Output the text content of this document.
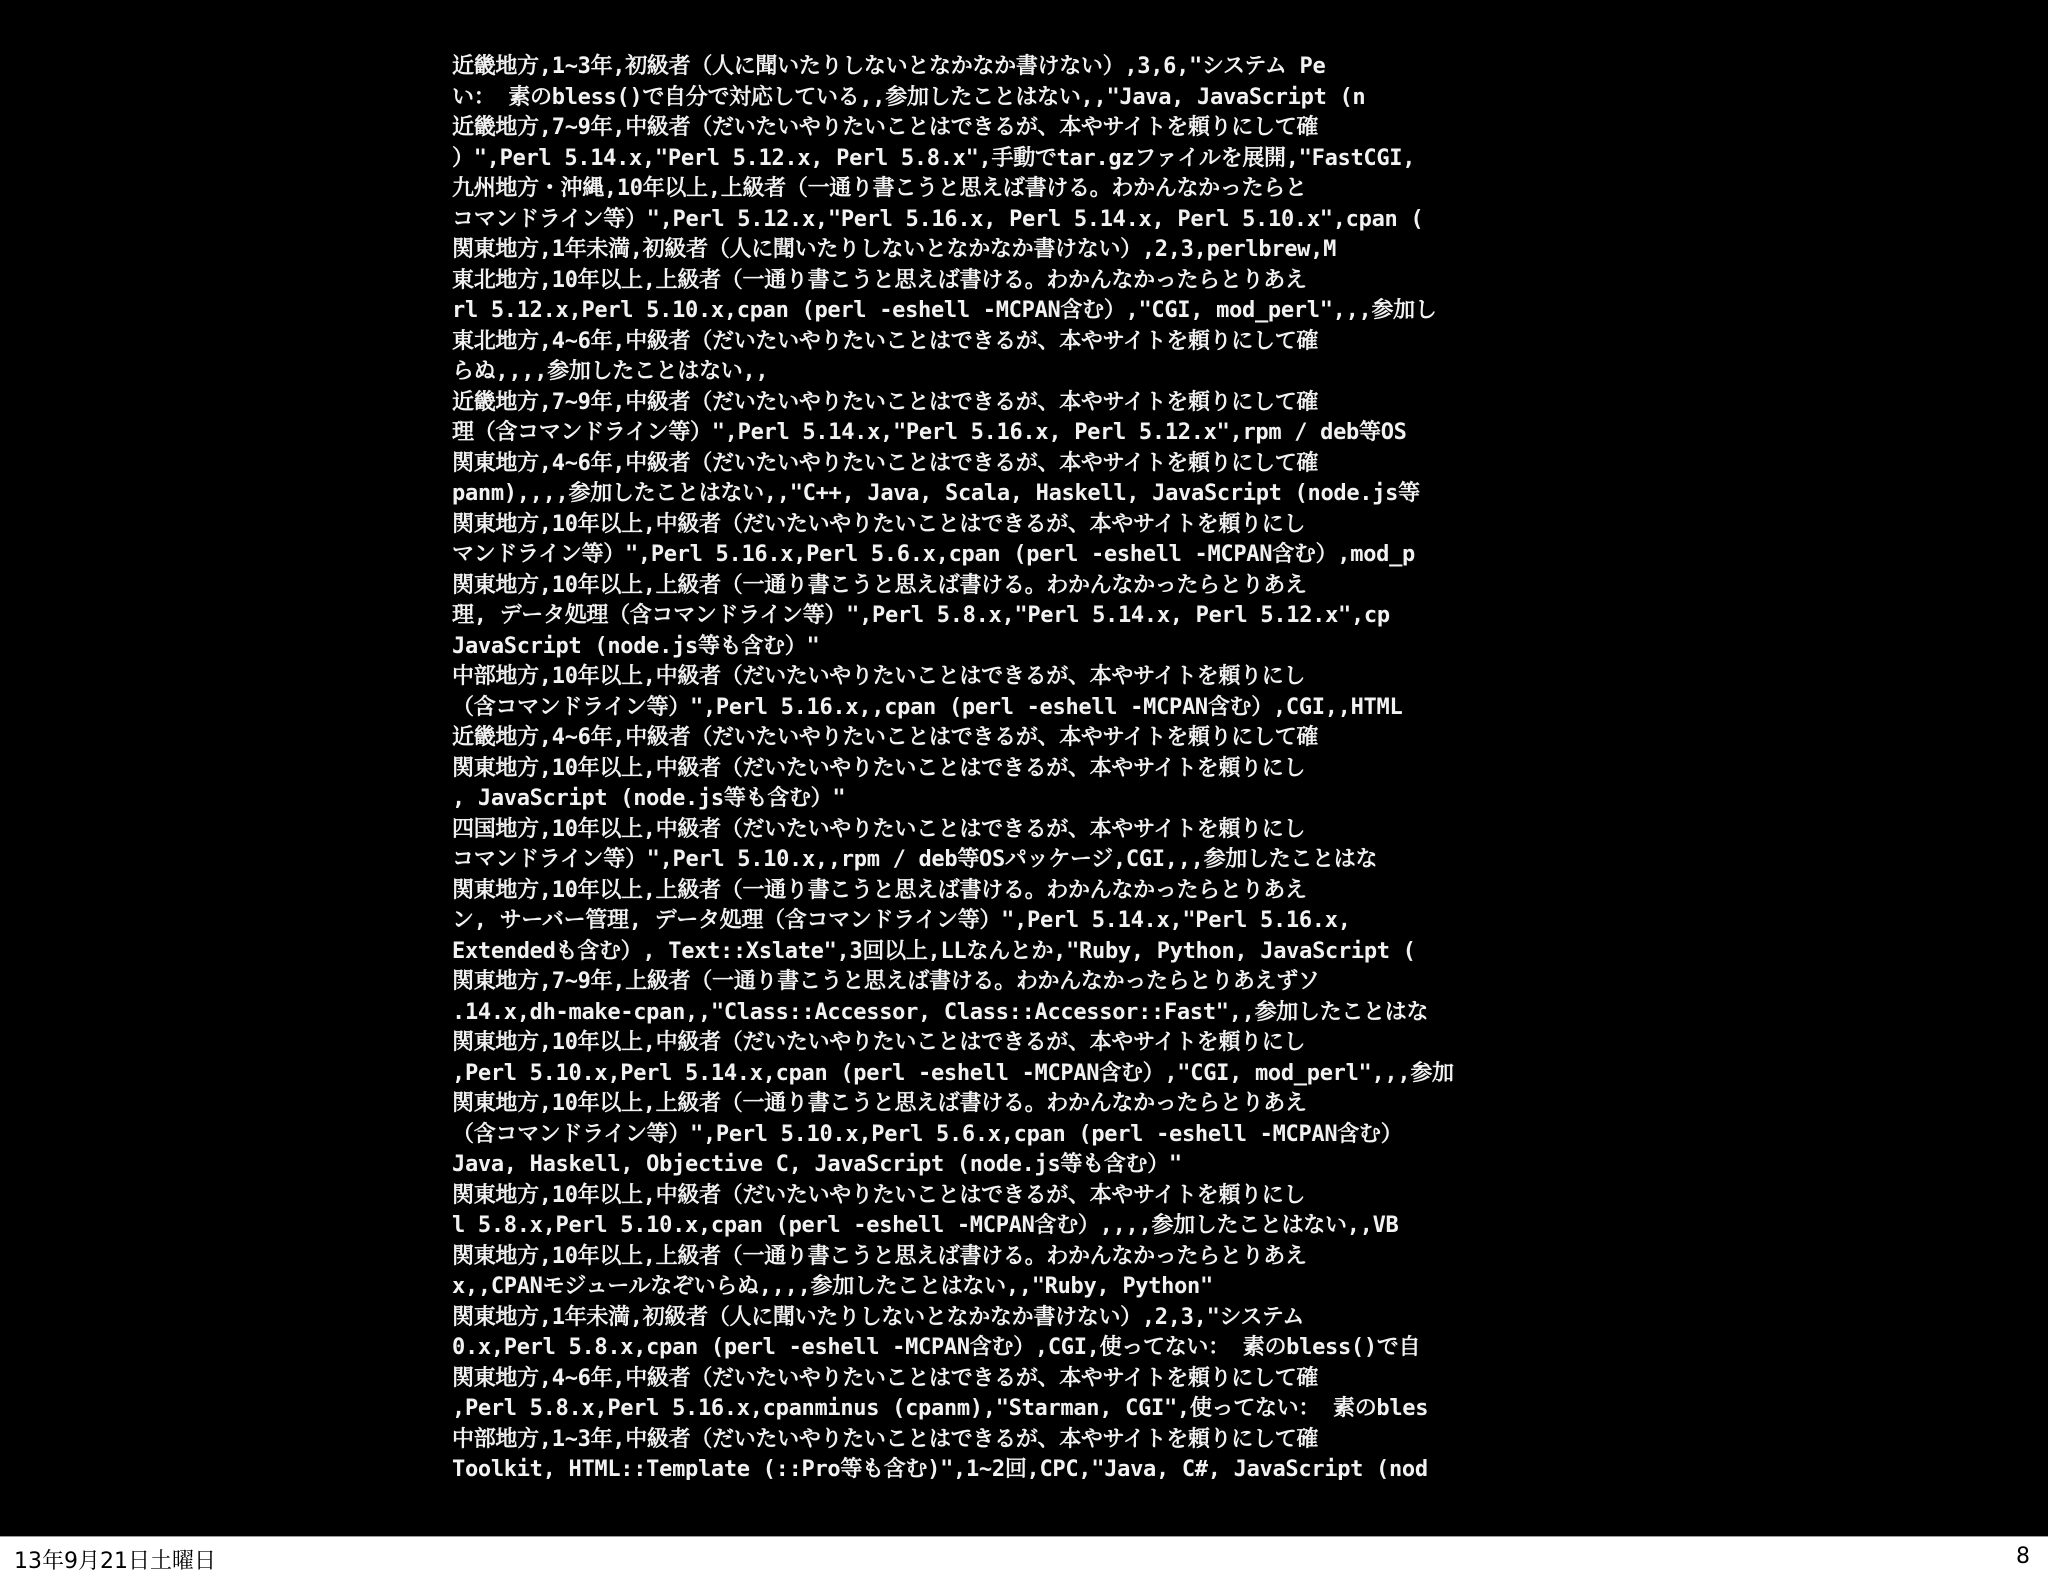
近畿地方,1~3年,初級者（人に聞いたりしないとなかなか書けない）,3,6,"システム Pe
い： 素のbless()で自分で対応している,,参加したことはない,,"Java, JavaScript (n
近畿地方,7~9年,中級者（だいたいやりたいことはできるが、本やサイトを頼りにして確
）",Perl 5.14.x,"Perl 5.12.x, Perl 5.8.x",手動でtar.gzファイルを展開,"FastCGI,
九州地方・沖縄,10年以上,上級者（一通り書こうと思えば書ける。わかんなかったらと
コマンドライン等）",Perl 5.12.x,"Perl 5.16.x, Perl 5.14.x, Perl 5.10.x",cpan (
関東地方,1年未満,初級者（人に聞いたりしないとなかなか書けない）,2,3,perlbrew,M
東北地方,10年以上,上級者（一通り書こうと思えば書ける。わかんなかったらとりあえ
rl 5.12.x,Perl 5.10.x,cpan (perl -eshell -MCPAN含む）,"CGI, mod_perl",,,参加し
東北地方,4~6年,中級者（だいたいやりたいことはできるが、本やサイトを頼りにして確
らぬ,,,,参加したことはない,,
近畿地方,7~9年,中級者（だいたいやりたいことはできるが、本やサイトを頼りにして確
理（含コマンドライン等）",Perl 5.14.x,"Perl 5.16.x, Perl 5.12.x",rpm / deb等OS
関東地方,4~6年,中級者（だいたいやりたいことはできるが、本やサイトを頼りにして確
panm),,,,参加したことはない,,"C++, Java, Scala, Haskell, JavaScript (node.js等
関東地方,10年以上,中級者（だいたいやりたいことはできるが、本やサイトを頼りにし
マンドライン等）",Perl 5.16.x,Perl 5.6.x,cpan (perl -eshell -MCPAN含む）,mod_p
関東地方,10年以上,上級者（一通り書こうと思えば書ける。わかんなかったらとりあえ
理, データ処理（含コマンドライン等）",Perl 5.8.x,"Perl 5.14.x, Perl 5.12.x",cp
JavaScript (node.js等も含む）"
中部地方,10年以上,中級者（だいたいやりたいことはできるが、本やサイトを頼りにし
（含コマンドライン等）",Perl 5.16.x,,cpan (perl -eshell -MCPAN含む）,CGI,,HTML
近畿地方,4~6年,中級者（だいたいやりたいことはできるが、本やサイトを頼りにして確
関東地方,10年以上,中級者（だいたいやりたいことはできるが、本やサイトを頼りにし
, JavaScript (node.js等も含む）"
四国地方,10年以上,中級者（だいたいやりたいことはできるが、本やサイトを頼りにし
コマンドライン等）",Perl 5.10.x,,rpm / deb等OSパッケージ,CGI,,,参加したことはな
関東地方,10年以上,上級者（一通り書こうと思えば書ける。わかんなかったらとりあえ
ン, サーバー管理, データ処理（含コマンドライン等）",Perl 5.14.x,"Perl 5.16.x,
Extendedも含む）, Text::Xslate",3回以上,LLなんとか,"Ruby, Python, JavaScript (
関東地方,7~9年,上級者（一通り書こうと思えば書ける。わかんなかったらとりあえずソ
.14.x,dh-make-cpan,,"Class::Accessor, Class::Accessor::Fast",,参加したことはな
関東地方,10年以上,中級者（だいたいやりたいことはできるが、本やサイトを頼りにし
,Perl 5.10.x,Perl 5.14.x,cpan (perl -eshell -MCPAN含む）,"CGI, mod_perl",,,参加
関東地方,10年以上,上級者（一通り書こうと思えば書ける。わかんなかったらとりあえ
（含コマンドライン等）",Perl 5.10.x,Perl 5.6.x,cpan (perl -eshell -MCPAN含む）
Java, Haskell, Objective C, JavaScript (node.js等も含む）"
関東地方,10年以上,中級者（だいたいやりたいことはできるが、本やサイトを頼りにし
l 5.8.x,Perl 5.10.x,cpan (perl -eshell -MCPAN含む）,,,,参加したことはない,,VB
関東地方,10年以上,上級者（一通り書こうと思えば書ける。わかんなかったらとりあえ
x,,CPANモジュールなぞいらぬ,,,,参加したことはない,,"Ruby, Python"
関東地方,1年未満,初級者（人に聞いたりしないとなかなか書けない）,2,3,"システム
0.x,Perl 5.8.x,cpan (perl -eshell -MCPAN含む）,CGI,使ってない： 素のbless()で自
関東地方,4~6年,中級者（だいたいやりたいことはできるが、本やサイトを頼りにして確
,Perl 5.8.x,Perl 5.16.x,cpanminus (cpanm),"Starman, CGI",使ってない： 素のbles
中部地方,1~3年,中級者（だいたいやりたいことはできるが、本やサイトを頼りにして確
Toolkit, HTML::Template (::Pro等も含む)",1~2回,CPC,"Java, C#, JavaScript (nod
13年9月21日土曜日	8
